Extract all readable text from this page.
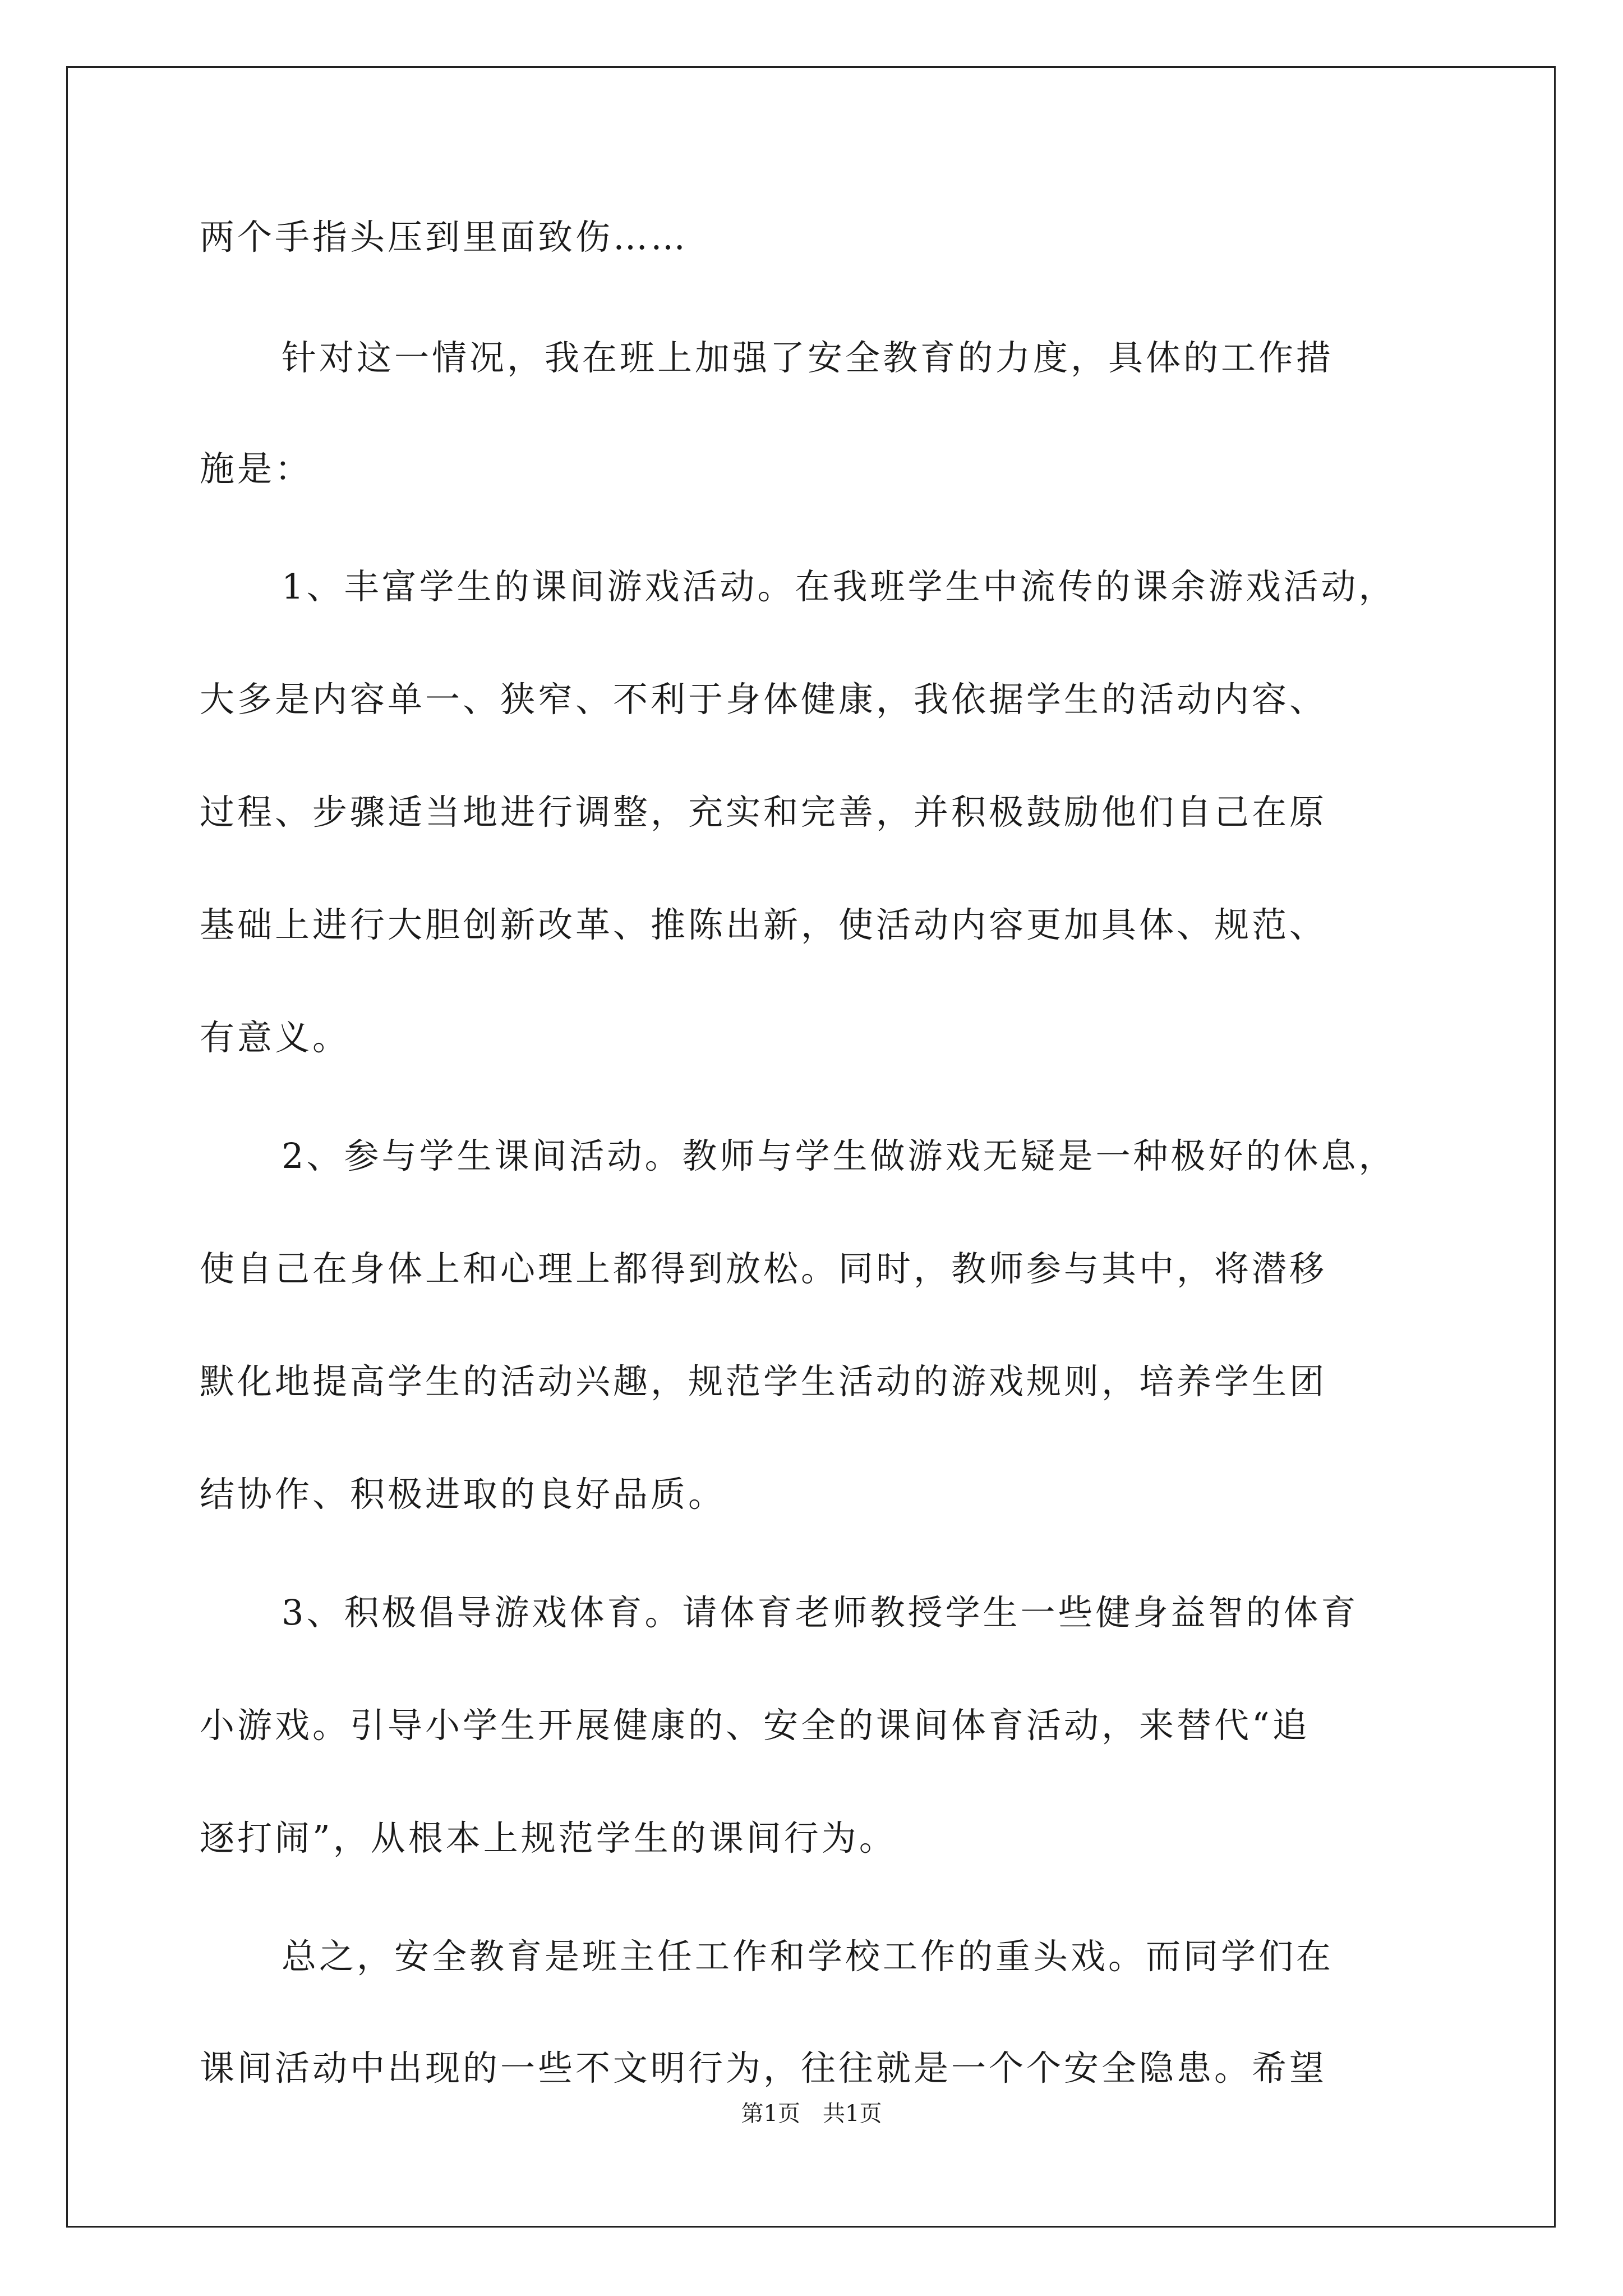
两个手指头压到里面致伤……
针对这一情况，我在班上加强了安全教育的力度，具体的工作措
施是：
1、丰富学生的课间游戏活动。在我班学生中流传的课余游戏活动，
大多是内容单一、狭窄、不利于身体健康，我依据学生的活动内容、
过程、步骤适当地进行调整，充实和完善，并积极鼓励他们自己在原
基础上进行大胆创新改革、推陈出新，使活动内容更加具体、规范、
有意义。
2、参与学生课间活动。教师与学生做游戏无疑是一种极好的休息，
使自己在身体上和心理上都得到放松。同时，教师参与其中，将潜移
默化地提高学生的活动兴趣，规范学生活动的游戏规则，培养学生团
结协作、积极进取的良好品质。
3、积极倡导游戏体育。请体育老师教授学生一些健身益智的体育
小游戏。引导小学生开展健康的、安全的课间体育活动，来替代“追
逐打闹”，从根本上规范学生的课间行为。
总之，安全教育是班主任工作和学校工作的重头戏。而同学们在
课间活动中出现的一些不文明行为，往往就是一个个安全隐患。希望
第1页　共1页
